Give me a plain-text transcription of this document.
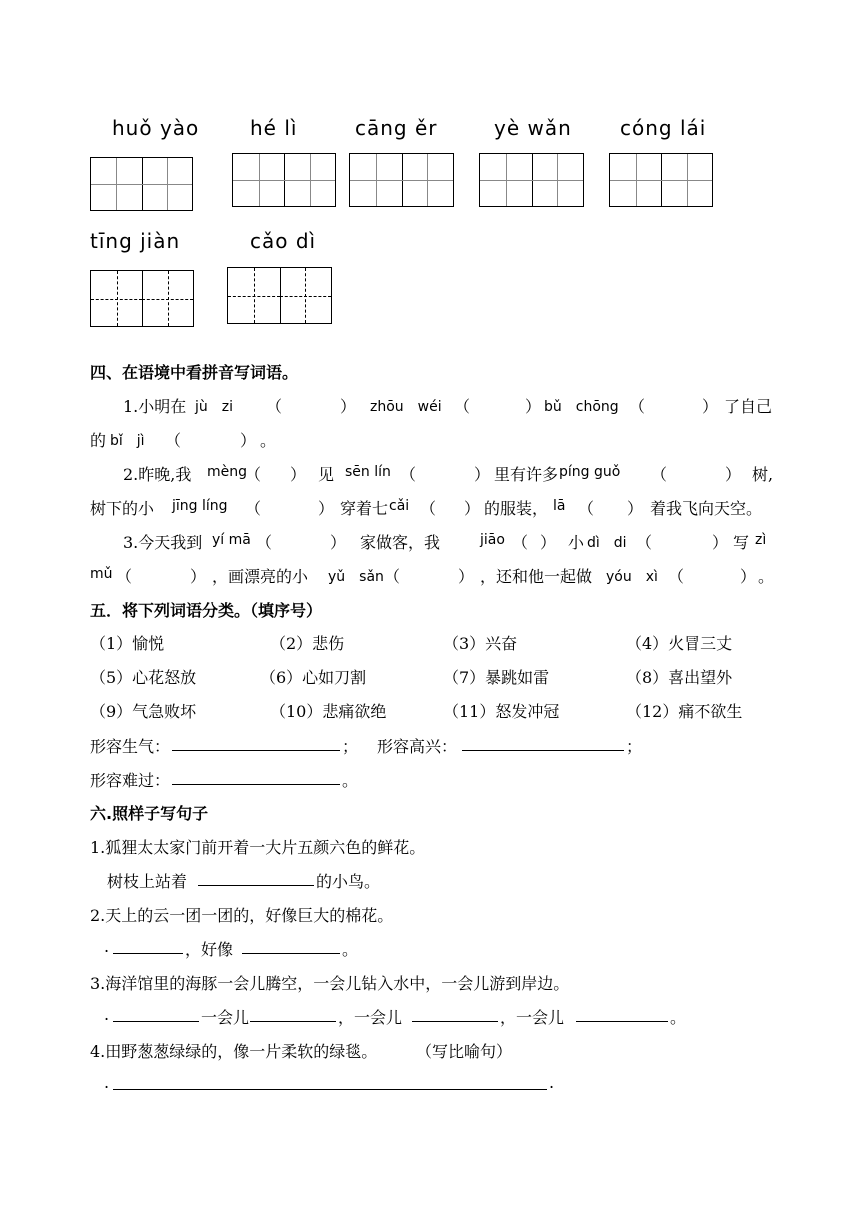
huǒ yào	hé lì	cāng ěr	yè wǎn cóng lái
tīng jiàn	cǎo dì
四、在语境中看拼音写词语。
1.小明在 jù　zi （	） zhōu　wéi （	） bǔ　chōng （	） 了自己
的 bǐ　jì （	） 。
2.昨晚,我 mèng
（ ） 见 sēn lín （	） 里有许多 píng guǒ （	） 树,
树下的小 jīng líng （	） 穿着七 cǎi （ ） 的服装， lā （ ） 着我飞向天空。
3.今天我到 yí mā （	） 家做客，我	jiāo （ ） 小 dì　di （	） 写 zì
mǔ （	） ，画漂亮的小 yǔ　sǎn （	） ，还和他一起做 yóu　xì （	） 。
五．将下列词语分类。（填序号）
（1）愉悦	（2）悲伤	（3）兴奋	（4）火冒三丈
（5）心花怒放	（6）心如刀割	（7）暴跳如雷	（8）喜出望外
（9）气急败坏	（10）悲痛欲绝	（11）怒发冲冠	（12）痛不欲生
形容生气：	； 形容高兴：	；
形容难过：	。
六.照样子写句子
1.狐狸太太家门前开着一大片五颜六色的鲜花。
树枝上站着	的小鸟。
2.天上的云一团一团的，好像巨大的棉花。
.	，好像	。
3.海洋馆里的海豚一会儿腾空，一会儿钻入水中，一会儿游到岸边。
.	一会儿	，一会儿	，一会儿	。
4.田野葱葱绿绿的，像一片柔软的绿毯。 （写比喻句）
.	.
